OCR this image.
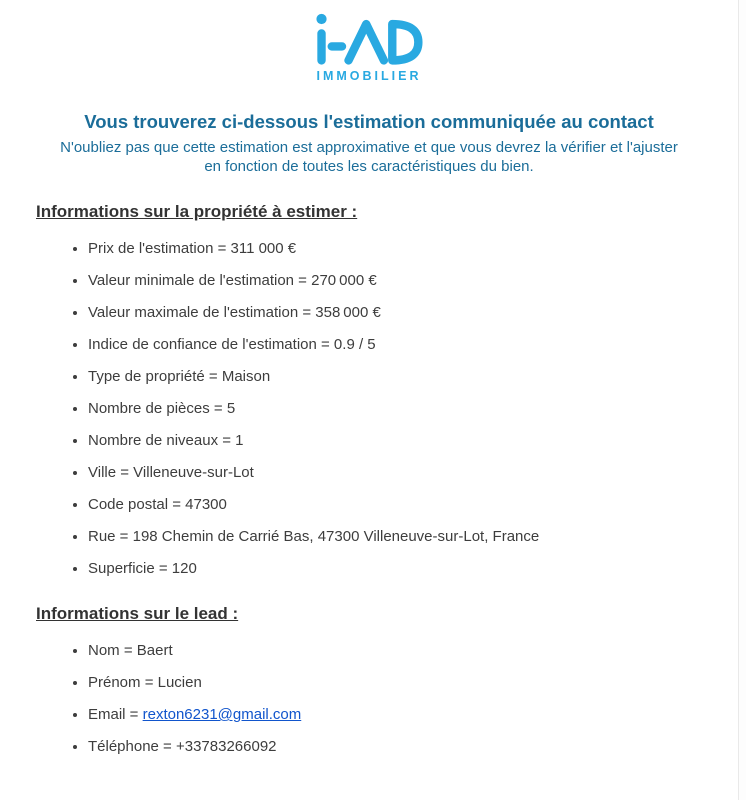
IMMOBILIER
Vous trouverez ci-dessous l'estimation communiquée au contact
N'oubliez pas que cette estimation est approximative et que vous devrez la vérifier et l'ajuster
en fonction de toutes les caractéristiques du bien.
Informations sur la propriété à estimer :
• Prix de l'estimation = 311 000 €
• Valeur minimale de l'estimation = 270 000 €
• Valeur maximale de l'estimation = 358 000 €
• Indice de confiance de l'estimation = 0.9 / 5
• Type de propriété = Maison
• Nombre de pièces = 5
• Nombre de niveaux = 1
• Ville = Villeneuve-sur-Lot
• Code postal = 47300
• Rue = 198 Chemin de Carrié Bas, 47300 Villeneuve-sur-Lot, France
• Superficie = 120
Informations sur le lead :
• Nom = Baert
• Prénom = Lucien
• Email = rexton6231@gmail.com
• Téléphone = +33783266092
